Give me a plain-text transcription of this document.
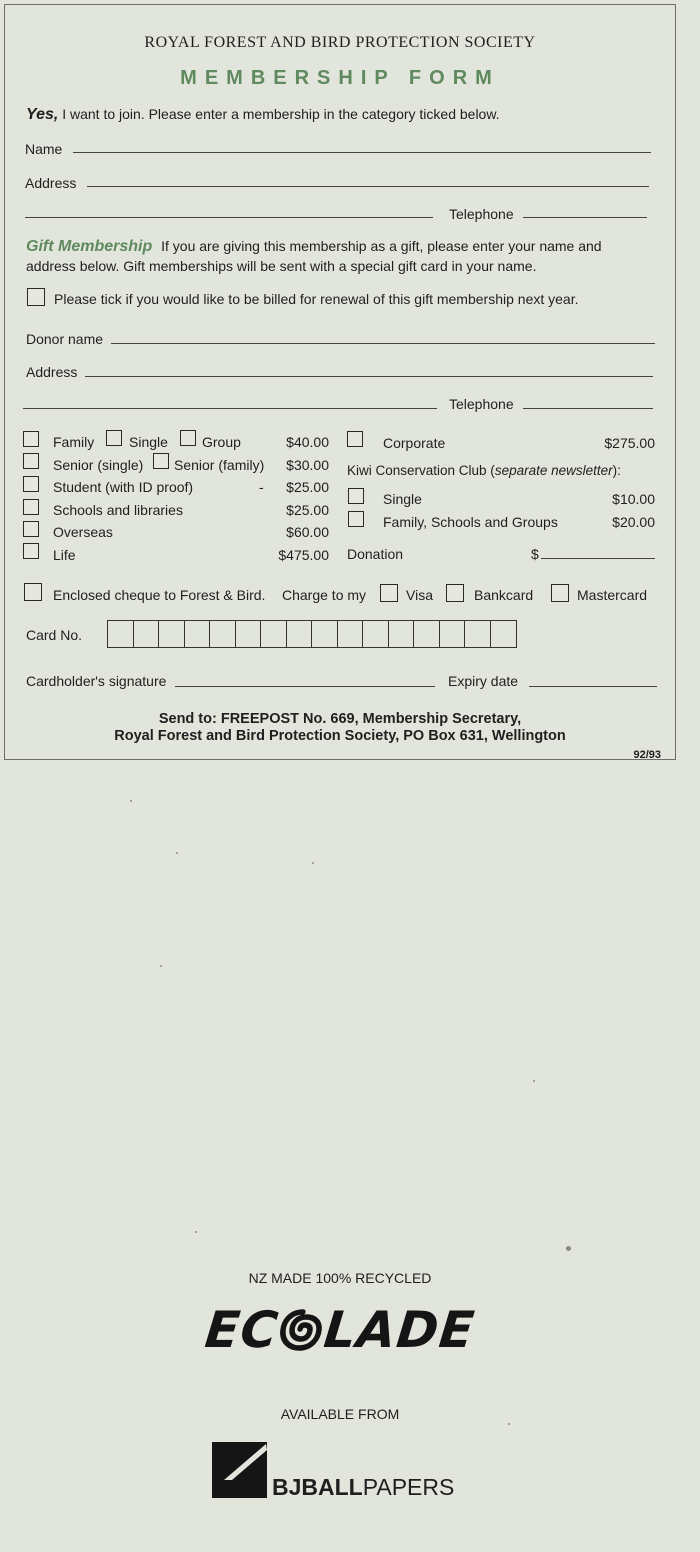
ROYAL FOREST AND BIRD PROTECTION SOCIETY
MEMBERSHIP FORM
Yes, I want to join. Please enter a membership in the category ticked below.
Name
Address
Telephone
Gift Membership If you are giving this membership as a gift, please enter your name and
address below. Gift memberships will be sent with a special gift card in your name.
Please tick if you would like to be billed for renewal of this gift membership next year.
Donor name
Address
Telephone
Family Single Group	$40.00
Senior (single) Senior (family)	$30.00
Student (with ID proof)	-	$25.00
Schools and libraries	$25.00
Overseas	$60.00
Life	$475.00
Corporate	$275.00
Kiwi Conservation Club (separate newsletter):
Single	$10.00
Family, Schools and Groups	$20.00
Donation	$
Enclosed cheque to Forest & Bird. Charge to my	Visa	Bankcard	Mastercard
Card No.
Cardholder's signature	Expiry date
Send to: FREEPOST No. 669, Membership Secretary,
Royal Forest and Bird Protection Society, PO Box 631, Wellington
92/93
NZ MADE 100% RECYCLED
EC LADE
AVAILABLE FROM
BJBALLPAPERS
